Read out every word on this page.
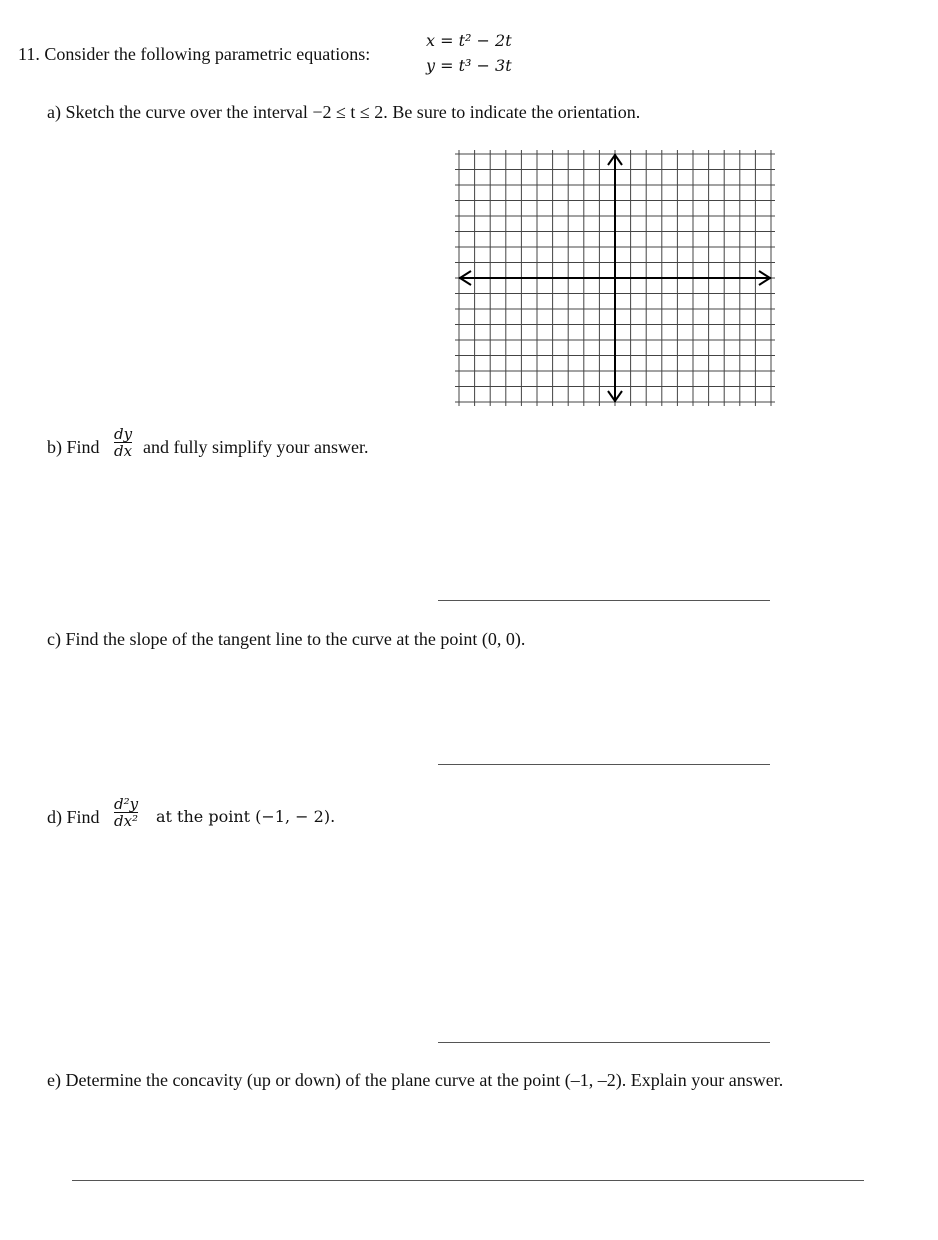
11. Consider the following parametric equations:
x = t² − 2t
y = t³ − 3t
a) Sketch the curve over the interval −2 ≤ t ≤ 2. Be sure to indicate the orientation.
b) Find $\frac{dy}{dx}$ and fully simplify your answer.
c) Find the slope of the tangent line to the curve at the point (0, 0).
d) Find $\frac{\text{d²y}}{\text{dx²}}$ at the point (−1, − 2).
e) Determine the concavity (up or down) of the plane curve at the point (–1, –2). Explain your answer.
